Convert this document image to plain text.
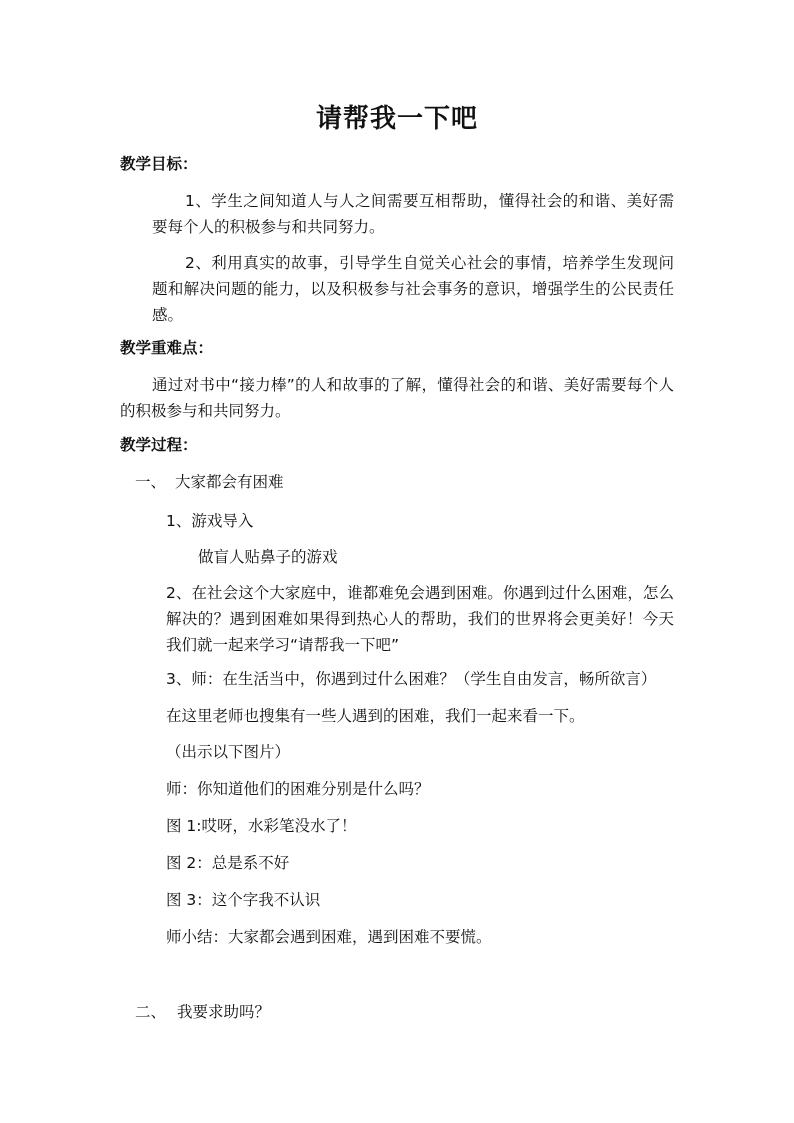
请帮我一下吧
教学目标：
1、学生之间知道人与人之间需要互相帮助，懂得社会的和谐、美好需要每个人的积极参与和共同努力。
2、利用真实的故事，引导学生自觉关心社会的事情，培养学生发现问题和解决问题的能力，以及积极参与社会事务的意识，增强学生的公民责任感。
教学重难点：
通过对书中“接力棒”的人和故事的了解，懂得社会的和谐、美好需要每个人的积极参与和共同努力。
教学过程：
一、 大家都会有困难
1、游戏导入
做盲人贴鼻子的游戏
2、在社会这个大家庭中，谁都难免会遇到困难。你遇到过什么困难，怎么解决的？遇到困难如果得到热心人的帮助，我们的世界将会更美好！今天我们就一起来学习“请帮我一下吧”
3、师：在生活当中，你遇到过什么困难？（学生自由发言，畅所欲言）
在这里老师也搜集有一些人遇到的困难，我们一起来看一下。
（出示以下图片）
师：你知道他们的困难分别是什么吗？
图 1:哎呀，水彩笔没水了！
图 2：总是系不好
图 3：这个字我不认识
师小结：大家都会遇到困难，遇到困难不要慌。
二、 我要求助吗？
